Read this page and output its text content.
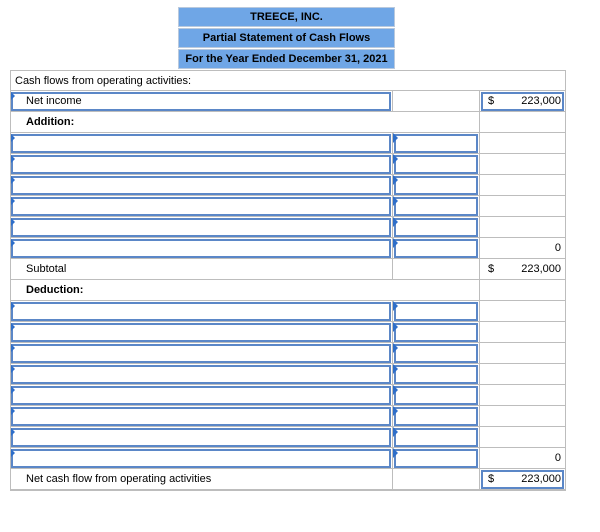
TREECE, INC.
Partial Statement of Cash Flows
For the Year Ended December 31, 2021
Cash flows from operating activities:
Net income	$ 223,000
Addition:
0
Subtotal	$ 223,000
Deduction:
0
Net cash flow from operating activities	$ 223,000
